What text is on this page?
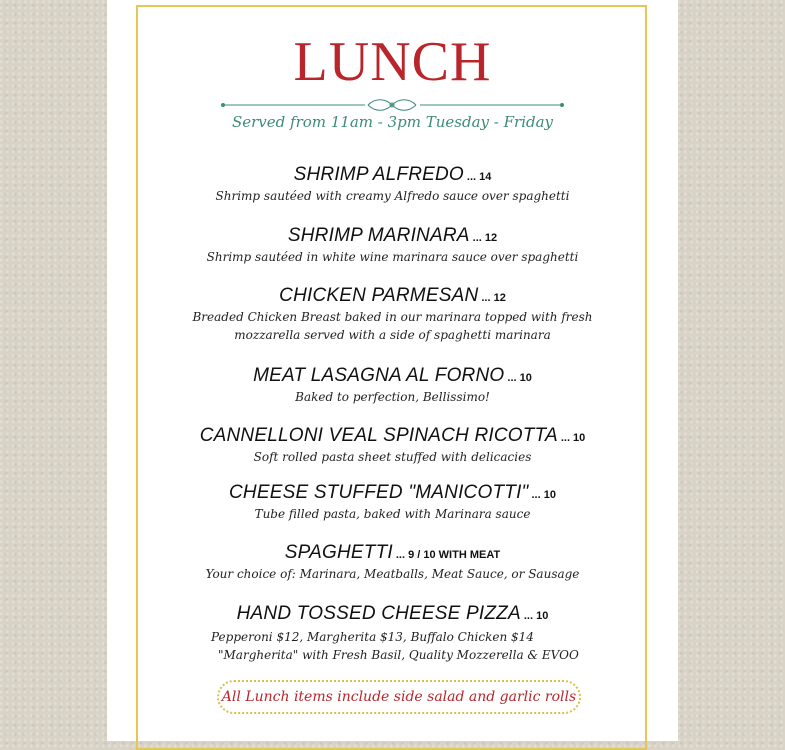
LUNCH
Served from 11am - 3pm Tuesday - Friday
SHRIMP ALFREDO ... 14
Shrimp sautéed with creamy Alfredo sauce over spaghetti
SHRIMP MARINARA ... 12
Shrimp sautéed in white wine marinara sauce over spaghetti
CHICKEN PARMESAN ... 12
Breaded Chicken Breast baked in our marinara topped with fresh
mozzarella served with a side of spaghetti marinara
MEAT LASAGNA AL FORNO ... 10
Baked to perfection, Bellissimo!
CANNELLONI VEAL SPINACH RICOTTA ... 10
Soft rolled pasta sheet stuffed with delicacies
CHEESE STUFFED "MANICOTTI" ... 10
Tube filled pasta, baked with Marinara sauce
SPAGHETTI ... 9 / 10 WITH MEAT
Your choice of: Marinara, Meatballs, Meat Sauce, or Sausage
HAND TOSSED CHEESE PIZZA ... 10
Pepperoni $12, Margherita $13, Buffalo Chicken $14
"Margherita" with Fresh Basil, Quality Mozzerella & EVOO
All Lunch items include side salad and garlic rolls
